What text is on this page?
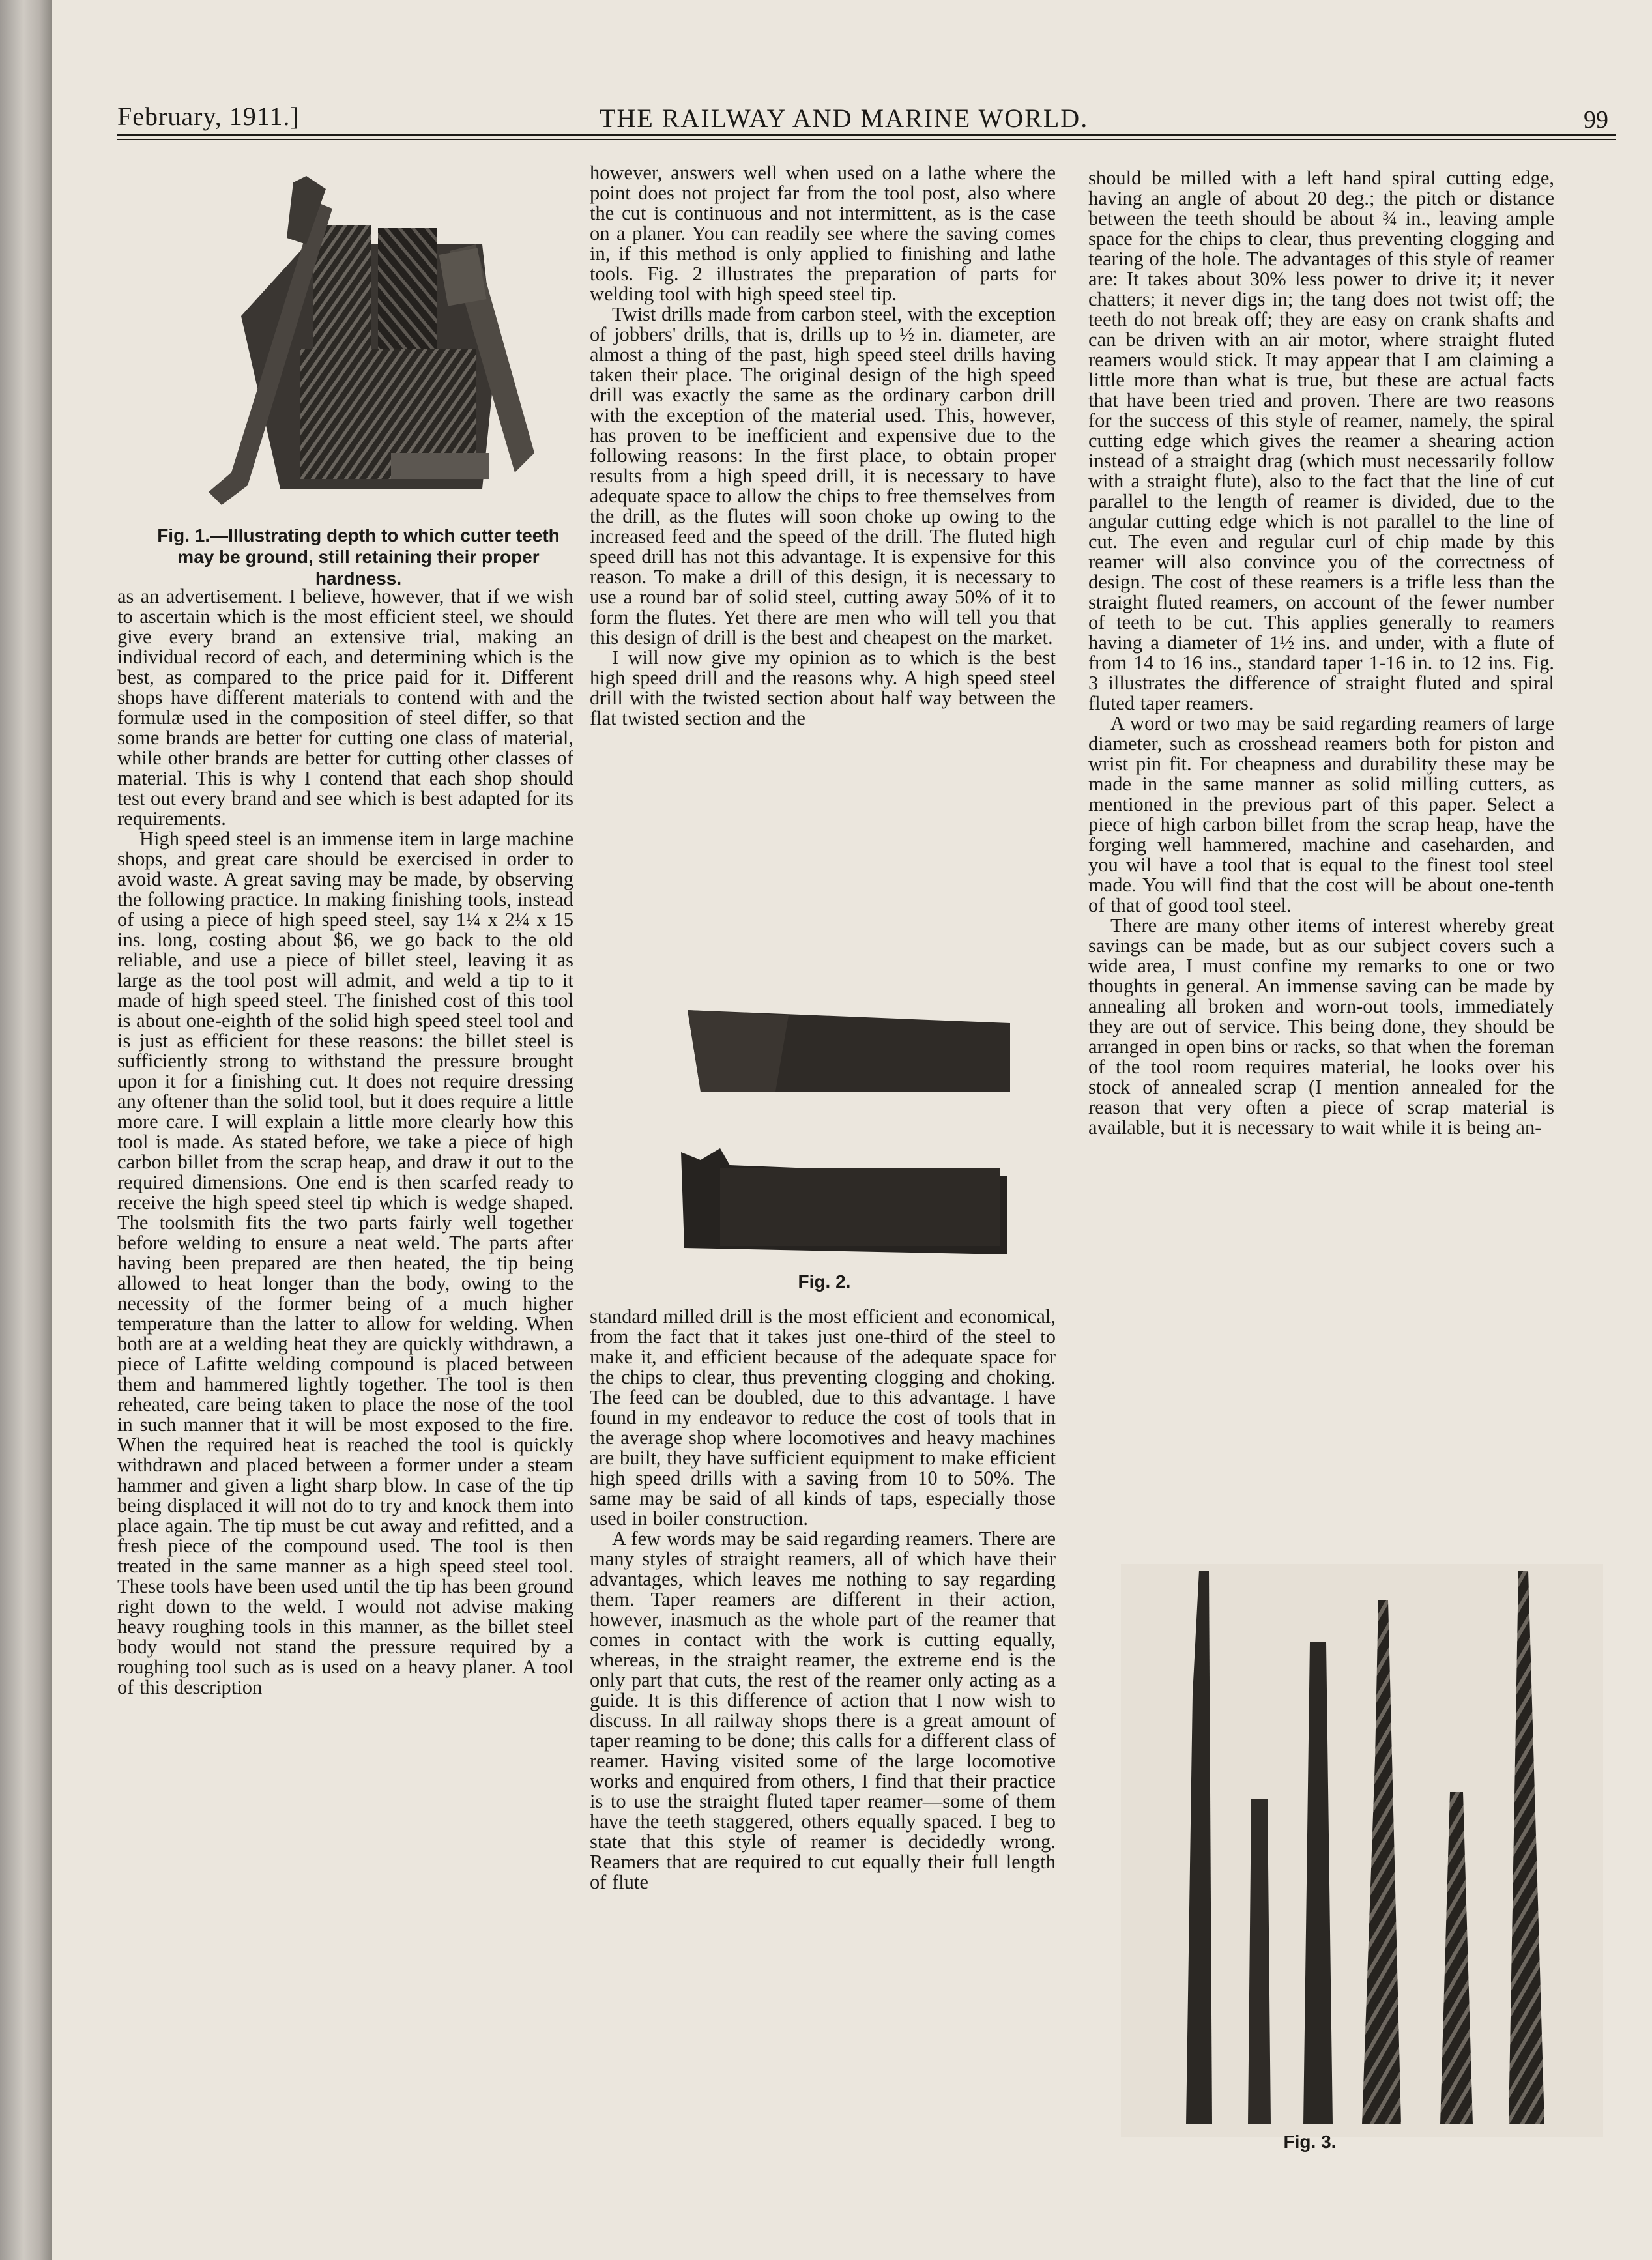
February, 1911.]	THE RAILWAY AND MARINE WORLD.	99
Fig. 1.—Illustrating depth to which cutter teeth may be ground, still retaining their proper hardness.

as an advertisement. I believe, however, that if we wish to ascertain which is the most efficient steel, we should give every brand an extensive trial, making an individual record of each, and determining which is the best, as compared to the price paid for it. Different shops have different materials to contend with and the formulæ used in the composition of steel differ, so that some brands are better for cutting one class of material, while other brands are better for cutting other classes of material. This is why I contend that each shop should test out every brand and see which is best adapted for its requirements.

High speed steel is an immense item in large machine shops, and great care should be exercised in order to avoid waste. A great saving may be made, by observing the following practice. In making finishing tools, instead of using a piece of high speed steel, say 1¼ x 2¼ x 15 ins. long, costing about $6, we go back to the old reliable, and use a piece of billet steel, leaving it as large as the tool post will admit, and weld a tip to it made of high speed steel. The finished cost of this tool is about one-eighth of the solid high speed steel tool and is just as efficient for these reasons: the billet steel is sufficiently strong to withstand the pressure brought upon it for a finishing cut. It does not require dressing any oftener than the solid tool, but it does require a little more care. I will explain a little more clearly how this tool is made. As stated before, we take a piece of high carbon billet from the scrap heap, and draw it out to the required dimensions. One end is then scarfed ready to receive the high speed steel tip which is wedge shaped. The toolsmith fits the two parts fairly well together before welding to ensure a neat weld. The parts after having been prepared are then heated, the tip being allowed to heat longer than the body, owing to the necessity of the former being of a much higher temperature than the latter to allow for welding. When both are at a welding heat they are quickly withdrawn, a piece of Lafitte welding compound is placed between them and hammered lightly together. The tool is then reheated, care being taken to place the nose of the tool in such manner that it will be most exposed to the fire. When the required heat is reached the tool is quickly withdrawn and placed between a former under a steam hammer and given a light sharp blow. In case of the tip being displaced it will not do to try and knock them into place again. The tip must be cut away and refitted, and a fresh piece of the compound used. The tool is then treated in the same manner as a high speed steel tool. These tools have been used until the tip has been ground right down to the weld. I would not advise making heavy roughing tools in this manner, as the billet steel body would not stand the pressure required by a roughing tool such as is used on a heavy planer. A tool of this description

however, answers well when used on a lathe where the point does not project far from the tool post, also where the cut is continuous and not intermittent, as is the case on a planer. You can readily see where the saving comes in, if this method is only applied to finishing and lathe tools. Fig. 2 illustrates the preparation of parts for welding tool with high speed steel tip.

Twist drills made from carbon steel, with the exception of jobbers' drills, that is, drills up to ½ in. diameter, are almost a thing of the past, high speed steel drills having taken their place. The original design of the high speed drill was exactly the same as the ordinary carbon drill with the exception of the material used. This, however, has proven to be inefficient and expensive due to the following reasons: In the first place, to obtain proper results from a high speed drill, it is necessary to have adequate space to allow the chips to free themselves from the drill, as the flutes will soon choke up owing to the increased feed and the speed of the drill. The fluted high speed drill has not this advantage. It is expensive for this reason. To make a drill of this design, it is necessary to use a round bar of solid steel, cutting away 50% of it to form the flutes. Yet there are men who will tell you that this design of drill is the best and cheapest on the market.

I will now give my opinion as to which is the best high speed drill and the reasons why. A high speed steel drill with the twisted section about half way between the flat twisted section and the

Fig. 2.

standard milled drill is the most efficient and economical, from the fact that it takes just one-third of the steel to make it, and efficient because of the adequate space for the chips to clear, thus preventing clogging and choking. The feed can be doubled, due to this advantage. I have found in my endeavor to reduce the cost of tools that in the average shop where locomotives and heavy machines are built, they have sufficient equipment to make efficient high speed drills with a saving from 10 to 50%. The same may be said of all kinds of taps, especially those used in boiler construction.

A few words may be said regarding reamers. There are many styles of straight reamers, all of which have their advantages, which leaves me nothing to say regarding them. Taper reamers are different in their action, however, inasmuch as the whole part of the reamer that comes in contact with the work is cutting equally, whereas, in the straight reamer, the extreme end is the only part that cuts, the rest of the reamer only acting as a guide. It is this difference of action that I now wish to discuss. In all railway shops there is a great amount of taper reaming to be done; this calls for a different class of reamer. Having visited some of the large locomotive works and enquired from others, I find that their practice is to use the straight fluted taper reamer—some of them have the teeth staggered, others equally spaced. I beg to state that this style of reamer is decidedly wrong. Reamers that are required to cut equally their full length of flute

should be milled with a left hand spiral cutting edge, having an angle of about 20 deg.; the pitch or distance between the teeth should be about ¾ in., leaving ample space for the chips to clear, thus preventing clogging and tearing of the hole. The advantages of this style of reamer are: It takes about 30% less power to drive it; it never chatters; it never digs in; the tang does not twist off; the teeth do not break off; they are easy on crank shafts and can be driven with an air motor, where straight fluted reamers would stick. It may appear that I am claiming a little more than what is true, but these are actual facts that have been tried and proven. There are two reasons for the success of this style of reamer, namely, the spiral cutting edge which gives the reamer a shearing action instead of a straight drag (which must necessarily follow with a straight flute), also to the fact that the line of cut parallel to the length of reamer is divided, due to the angular cutting edge which is not parallel to the line of cut. The even and regular curl of chip made by this reamer will also convince you of the correctness of design. The cost of these reamers is a trifle less than the straight fluted reamers, on account of the fewer number of teeth to be cut. This applies generally to reamers having a diameter of 1½ ins. and under, with a flute of from 14 to 16 ins., standard taper 1-16 in. to 12 ins. Fig. 3 illustrates the difference of straight fluted and spiral fluted taper reamers.

A word or two may be said regarding reamers of large diameter, such as crosshead reamers both for piston and wrist pin fit. For cheapness and durability these may be made in the same manner as solid milling cutters, as mentioned in the previous part of this paper. Select a piece of high carbon billet from the scrap heap, have the forging well hammered, machine and caseharden, and you wil have a tool that is equal to the finest tool steel made. You will find that the cost will be about one-tenth of that of good tool steel.

There are many other items of interest whereby great savings can be made, but as our subject covers such a wide area, I must confine my remarks to one or two thoughts in general. An immense saving can be made by annealing all broken and worn-out tools, immediately they are out of service. This being done, they should be arranged in open bins or racks, so that when the foreman of the tool room requires material, he looks over his stock of annealed scrap (I mention annealed for the reason that very often a piece of scrap material is available, but it is necessary to wait while it is being an-

Fig. 3.
